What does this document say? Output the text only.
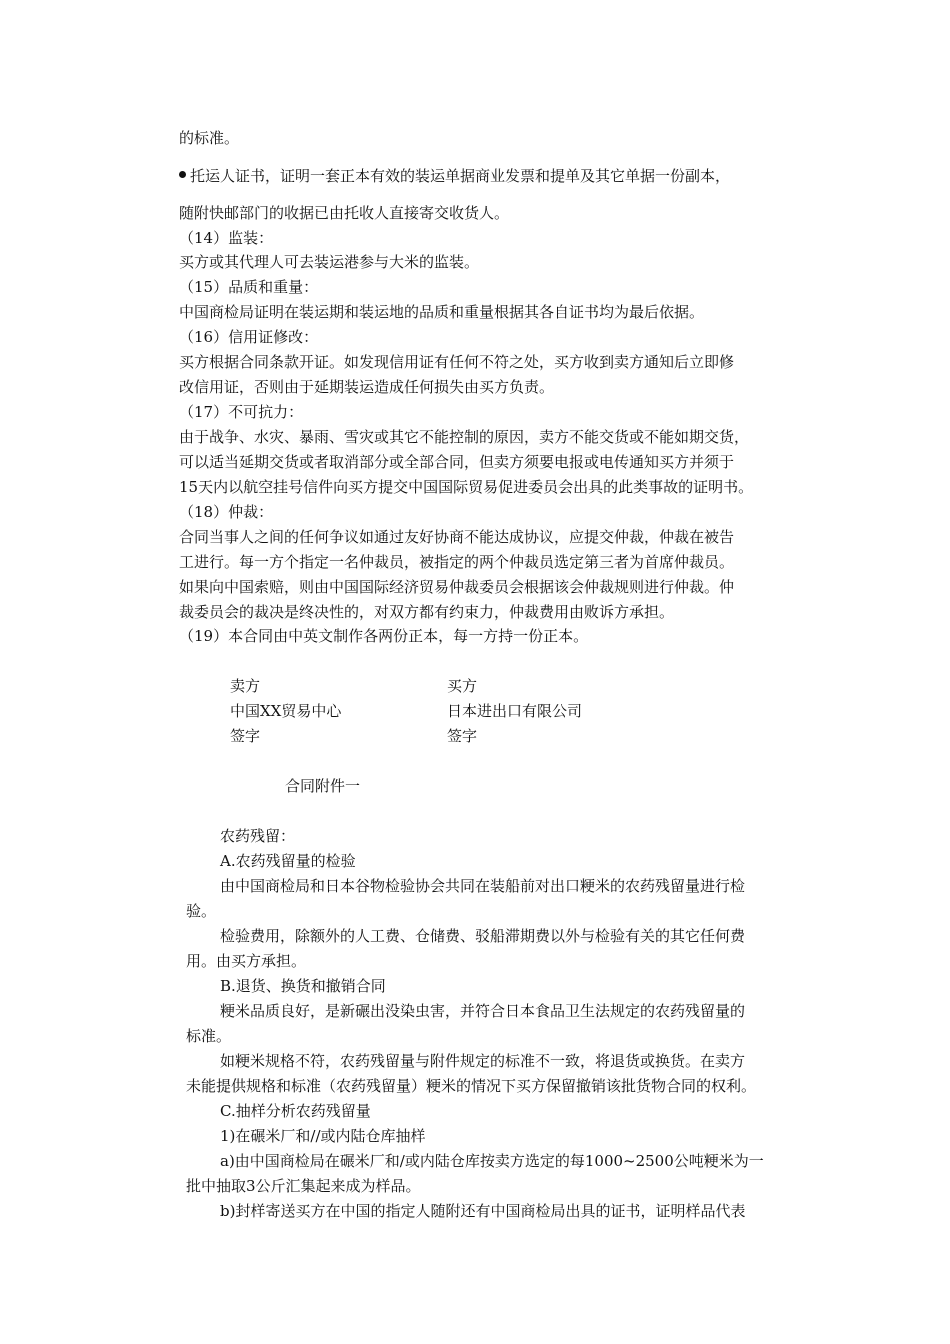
的标准。
托运人证书，证明一套正本有效的装运单据商业发票和提单及其它单据一份副本，
随附快邮部门的收据已由托收人直接寄交收货人。
（14）监装：
买方或其代理人可去装运港参与大米的监装。
（15）品质和重量：
中国商检局证明在装运期和装运地的品质和重量根据其各自证书均为最后依据。
（16）信用证修改：
买方根据合同条款开证。如发现信用证有任何不符之处，买方收到卖方通知后立即修
改信用证，否则由于延期装运造成任何损失由买方负责。
（17）不可抗力：
由于战争、水灾、暴雨、雪灾或其它不能控制的原因，卖方不能交货或不能如期交货，
可以适当延期交货或者取消部分或全部合同，但卖方须要电报或电传通知买方并须于
15天内以航空挂号信件向买方提交中国国际贸易促进委员会出具的此类事故的证明书。
（18）仲裁：
合同当事人之间的任何争议如通过友好协商不能达成协议，应提交仲裁，仲裁在被告
工进行。每一方个指定一名仲裁员，被指定的两个仲裁员选定第三者为首席仲裁员。
如果向中国索赔，则由中国国际经济贸易仲裁委员会根据该会仲裁规则进行仲裁。仲
裁委员会的裁决是终决性的，对双方都有约束力，仲裁费用由败诉方承担。
（19）本合同由中英文制作各两份正本，每一方持一份正本。
卖方	买方
中国XX贸易中心	日本进出口有限公司
签字	签字
合同附件一
农药残留：
A.农药残留量的检验
由中国商检局和日本谷物检验协会共同在装船前对出口粳米的农药残留量进行检
验。
检验费用，除额外的人工费、仓储费、驳船滞期费以外与检验有关的其它任何费
用。由买方承担。
B.退货、换货和撤销合同
粳米品质良好，是新碾出没染虫害，并符合日本食品卫生法规定的农药残留量的
标准。
如粳米规格不符，农药残留量与附件规定的标准不一致，将退货或换货。在卖方
未能提供规格和标准（农药残留量）粳米的情况下买方保留撤销该批货物合同的权利。
C.抽样分析农药残留量
1)在碾米厂和//或内陆仓库抽样
a)由中国商检局在碾米厂和/或内陆仓库按卖方选定的每1000~2500公吨粳米为一
批中抽取3公斤汇集起来成为样品。
b)封样寄送买方在中国的指定人随附还有中国商检局出具的证书，证明样品代表
